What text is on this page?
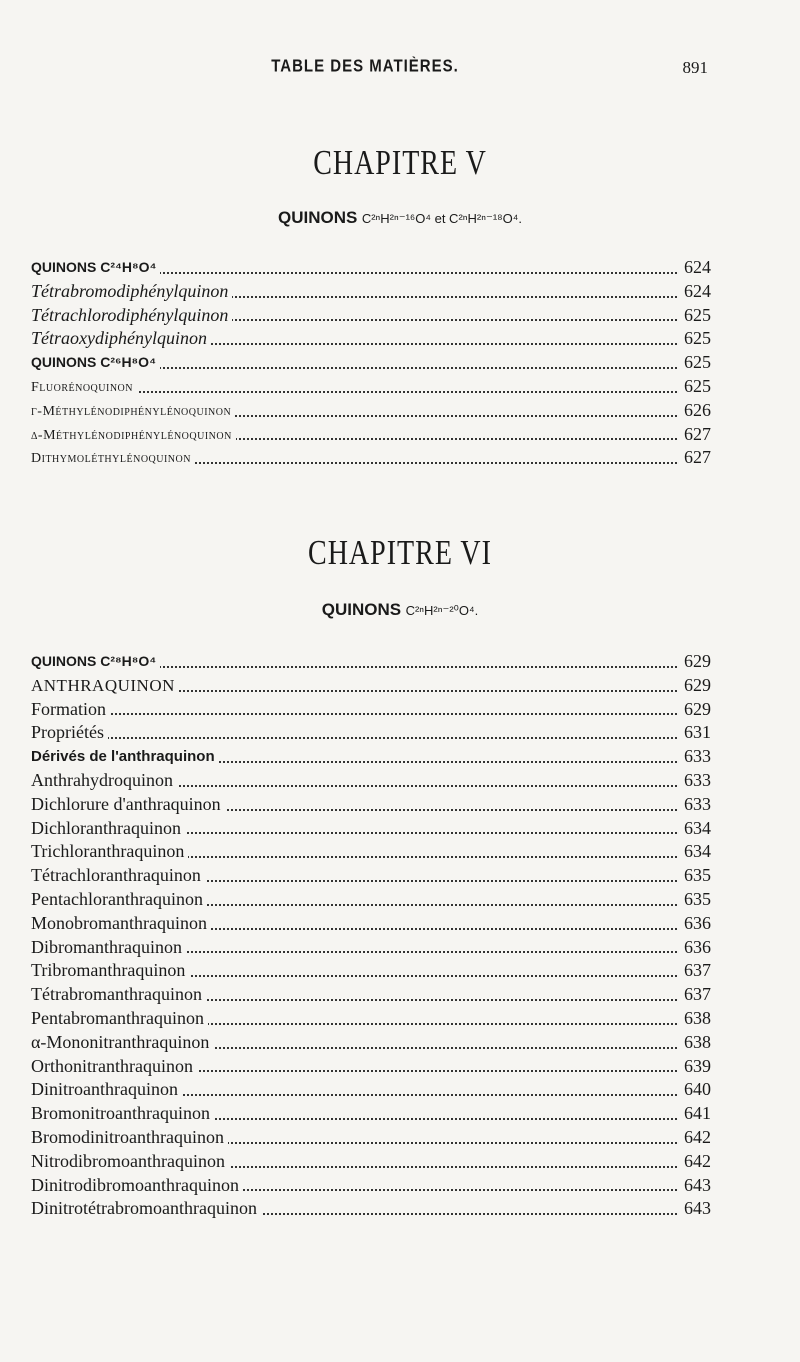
TABLE DES MATIÈRES.	891
CHAPITRE V
QUINONS C²ⁿH²ⁿ⁻¹⁶O⁴ et C²ⁿH²ⁿ⁻¹⁸O⁴.
QUINONS C²⁴H⁸O⁴	624
Tétrabromodiphénylquinon	624
Tétrachlorodiphénylquinon	625
Tétraoxydiphénylquinon	625
QUINONS C²⁶H⁸O⁴	625
Fluorénoquinon	625
γ-Méthylénodiphénylénoquinon	626
δ-Méthylénodiphénylénoquinon	627
Dithymoléthylénoquinon	627
CHAPITRE VI
QUINONS C²ⁿH²ⁿ⁻²⁰O⁴.
QUINONS C²⁸H⁸O⁴	629
ANTHRAQUINON	629
Formation	629
Propriétés	631
Dérivés de l'anthraquinon	633
Anthrahydroquinon	633
Dichlorure d'anthraquinon	633
Dichloranthraquinon	634
Trichloranthraquinon	634
Tétrachloranthraquinon	635
Pentachloranthraquinon	635
Monobromanthraquinon	636
Dibromanthraquinon	636
Tribromanthraquinon	637
Tétrabromanthraquinon	637
Pentabromanthraquinon	638
α-Mononitranthraquinon	638
Orthonitranthraquinon	639
Dinitroanthraquinon	640
Bromonitroanthraquinon	641
Bromodinitroanthraquinon	642
Nitrodibromoanthraquinon	642
Dinitrodibromoanthraquinon	643
Dinitrotétrabromoanthraquinon	643
